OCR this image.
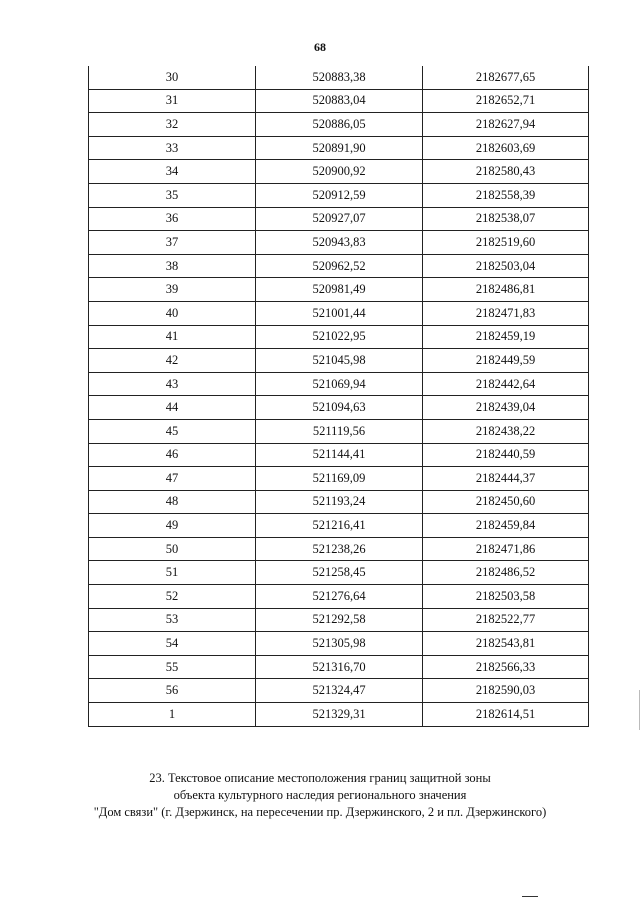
68
30	520883,38	2182677,65
31	520883,04	2182652,71
32	520886,05	2182627,94
33	520891,90	2182603,69
34	520900,92	2182580,43
35	520912,59	2182558,39
36	520927,07	2182538,07
37	520943,83	2182519,60
38	520962,52	2182503,04
39	520981,49	2182486,81
40	521001,44	2182471,83
41	521022,95	2182459,19
42	521045,98	2182449,59
43	521069,94	2182442,64
44	521094,63	2182439,04
45	521119,56	2182438,22
46	521144,41	2182440,59
47	521169,09	2182444,37
48	521193,24	2182450,60
49	521216,41	2182459,84
50	521238,26	2182471,86
51	521258,45	2182486,52
52	521276,64	2182503,58
53	521292,58	2182522,77
54	521305,98	2182543,81
55	521316,70	2182566,33
56	521324,47	2182590,03
1	521329,31	2182614,51
23. Текстовое описание местоположения границ защитной зоны
объекта культурного наследия регионального значения
"Дом связи" (г. Дзержинск, на пересечении пр. Дзержинского, 2 и пл. Дзержинского)
